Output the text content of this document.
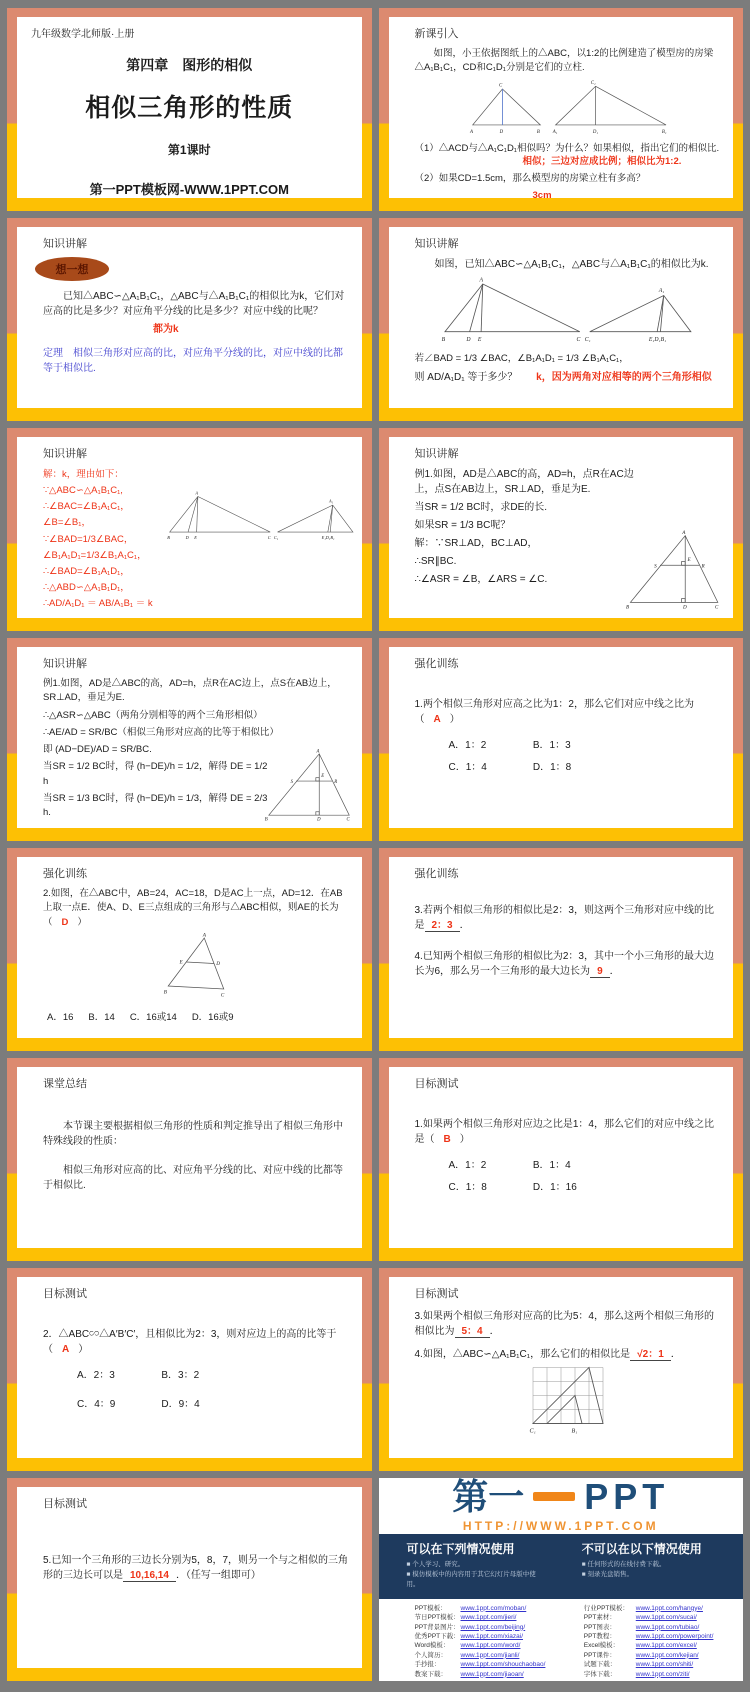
九年级数学北师版·上册
第四章　图形的相似
相似三角形的性质
第1课时
第一PPT模板网-WWW.1PPT.COM
新课引入
如图，小王依据图纸上的△ABC，以1:2的比例建造了模型房的房梁△A₁B₁C₁，CD和C₁D₁分别是它们的立柱.
C
A	D	B
C₁
A₁	D₁	B₁
（1）△ACD与△A₁C₁D₁相似吗？为什么？如果相似，指出它们的相似比.
相似；三边对应成比例；相似比为1:2.
（2）如果CD=1.5cm，那么模型房的房梁立柱有多高？
3cm
知识讲解
想一想
已知△ABC∽△A₁B₁C₁，△ABC与△A₁B₁C₁的相似比为k，它们对应高的比是多少？对应角平分线的比是多少？对应中线的比呢？
都为k
定理　相似三角形对应高的比，对应角平分线的比，对应中线的比都等于相似比.
知识讲解
如图，已知△ABC∽△A₁B₁C₁，△ABC与△A₁B₁C₁的相似比为k.
A
B	D E	C
A₁
C₁	E₁D₁B₁
若∠BAD = 1/3 ∠BAC，∠B₁A₁D₁ = 1/3 ∠B₁A₁C₁，
则 AD/A₁D₁ 等于多少？ k，因为两角对应相等的两个三角形相似
知识讲解
解：k，理由如下：
∵△ABC∽△A₁B₁C₁,
∴∠BAC=∠B₁A₁C₁，
∠B=∠B₁，
∵∠BAD=1/3∠BAC，
∠B₁A₁D₁=1/3∠B₁A₁C₁，
∴∠BAD=∠B₁A₁D₁，
∴△ABD∽△A₁B₁D₁，
∴AD/A₁D₁ ＝ AB/A₁B₁ ＝ k
A
B D E	C
A₁
C₁	E₁D₁B₁
知识讲解
例1.如图，AD是△ABC的高，AD=h，点R在AC边上，点S在AB边上，SR⊥AD，垂足为E.
当SR = 1/2 BC时，求DE的长.
如果SR = 1/3 BC呢？
解：∵SR⊥AD，BC⊥AD，
∴SR∥BC.
∴∠ASR = ∠B，∠ARS = ∠C.
A
S
E
R
B	D	C
知识讲解
例1.如图，AD是△ABC的高，AD=h，点R在AC边上，点S在AB边上，SR⊥AD，垂足为E.
∴△ASR∽△ABC（两角分别相等的两个三角形相似）
∴AE/AD = SR/BC（相似三角形对应高的比等于相似比）
即 (AD−DE)/AD = SR/BC.
当SR = 1/2 BC时，得 (h−DE)/h = 1/2，解得 DE = 1/2 h
当SR = 1/3 BC时，得 (h−DE)/h = 1/3，解得 DE = 2/3 h.
A
S
E
R
B	D	C
强化训练
1.两个相似三角形对应高之比为1：2，那么它们对应中线之比为（ A ）
A．1：2	B．1：3
C．1：4	D．1：8
强化训练
2.如图，在△ABC中，AB=24，AC=18，D是AC上一点，AD=12．在AB上取一点E．使A、D、E三点组成的三角形与△ABC相似，则AE的长为（ D ）
A
E	D
B	C
A．16 B．14 C．16或14 D．16或9
强化训练
3.若两个相似三角形的相似比是2：3，则这两个三角形对应中线的比是 2：3 ．
4.已知两个相似三角形的相似比为2：3，其中一个小三角形的最大边长为6，那么另一个三角形的最大边长为 9 ．
课堂总结
本节课主要根据相似三角形的性质和判定推导出了相似三角形中特殊线段的性质：
相似三角形对应高的比、对应角平分线的比、对应中线的比都等于相似比.
目标测试
1.如果两个相似三角形对应边之比是1：4，那么它们的对应中线之比是（ B ）
A．1：2	B．1：4
C．1：8	D．1：16
目标测试
2．△ABC∽△A′B′C′，且相似比为2：3，则对应边上的高的比等于（ A ）
A．2：3	B．3：2
C．4：9	D．9：4
目标测试
3.如果两个相似三角形对应高的比为5：4，那么这两个相似三角形的相似比为 5：4 ．
4.如图，△ABC∽△A₁B₁C₁，那么它们的相似比是 √2：1 ．
C₁	B₁
目标测试
5.已知一个三角形的三边长分别为5，8，7，则另一个与之相似的三角形的三边长可以是 10,16,14 ．（任写一组即可）
第一 PPT
HTTP://WWW.1PPT.COM
可以在下列情况使用
■ 个人学习、研究。
■ 模仿模板中的内容用于其它幻灯片母版中使用。
不可以在以下情况使用
■ 任何形式的在线付费下载。
■ 刻录光盘销售。
PPT模板：	www.1ppt.com/moban/
节日PPT模板： www.1ppt.com/jieri/
PPT背景图片： www.1ppt.com/beijing/
优秀PPT下载： www.1ppt.com/xiazai/
Word模板：	www.1ppt.com/word/
个人简历：	www.1ppt.com/jianli/
手抄报：	www.1ppt.com/shouchaobao/
教案下载：	www.1ppt.com/jiaoan/
行业PPT模板：	www.1ppt.com/hangye/
PPT素材：	www.1ppt.com/sucai/
PPT图表：	www.1ppt.com/tubiao/
PPT教程：	www.1ppt.com/powerpoint/
Excel模板：	www.1ppt.com/excel/
PPT课件：	www.1ppt.com/kejian/
试题下载：	www.1ppt.com/shiti/
字体下载：	www.1ppt.com/ziti/
